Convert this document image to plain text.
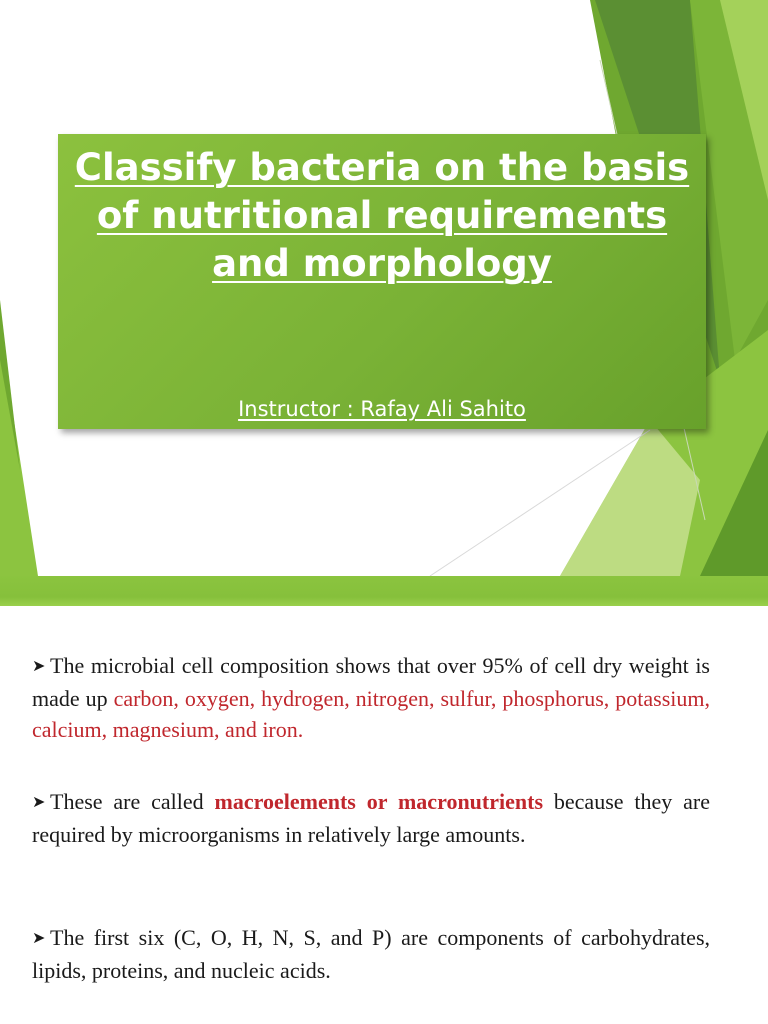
Classify bacteria on the basis of nutritional requirements and morphology
Instructor : Rafay Ali Sahito

➤ The microbial cell composition shows that over 95% of cell dry weight is made up carbon, oxygen, hydrogen, nitrogen, sulfur, phosphorus, potassium, calcium, magnesium, and iron.

➤ These are called macroelements or macronutrients because they are required by microorganisms in relatively large amounts.

➤ The first six (C, O, H, N, S, and P) are components of carbohydrates, lipids, proteins, and nucleic acids.
